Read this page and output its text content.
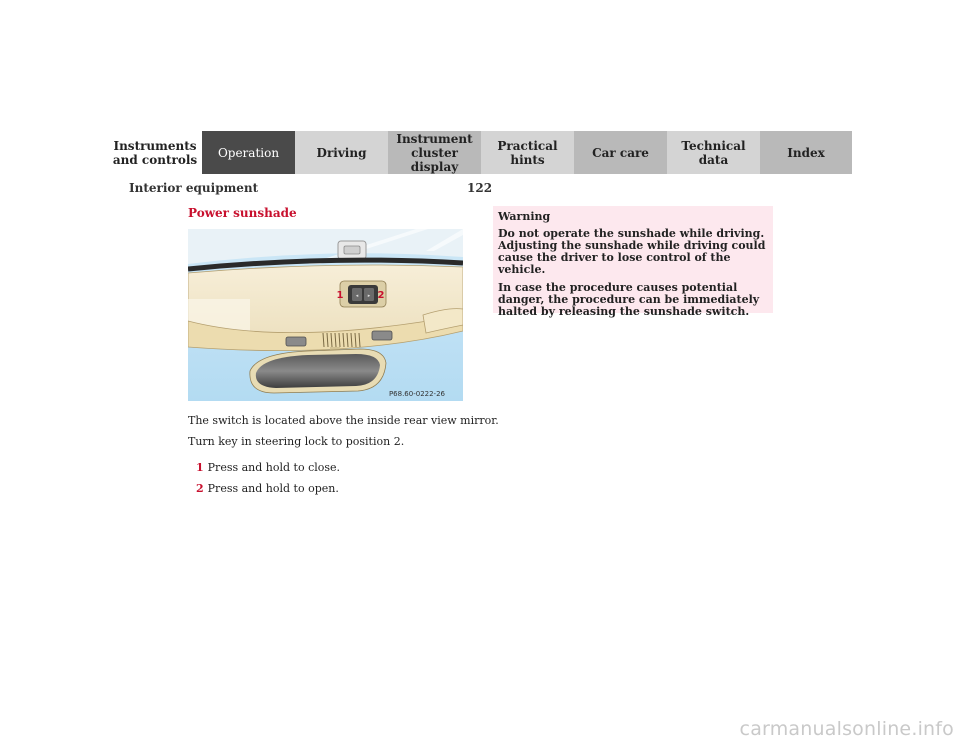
Instruments
and controls	Operation	Driving
Instrument
cluster display
Practical hints	Car care	Technical
data	Index
Interior equipment	122
Power sunshade
◂ ▸
1	2
P68.60-0222-26
The switch is located above the inside rear view mirror.
Turn key in steering lock to position 2.
1 Press and hold to close.
2 Press and hold to open.

Warning

Do not operate the sunshade while driving. Adjusting the sunshade while driving could cause the driver to lose control of the vehicle.

In case the procedure causes potential danger, the procedure can be immediately halted by releasing the sunshade switch.

carmanualsonline.info
